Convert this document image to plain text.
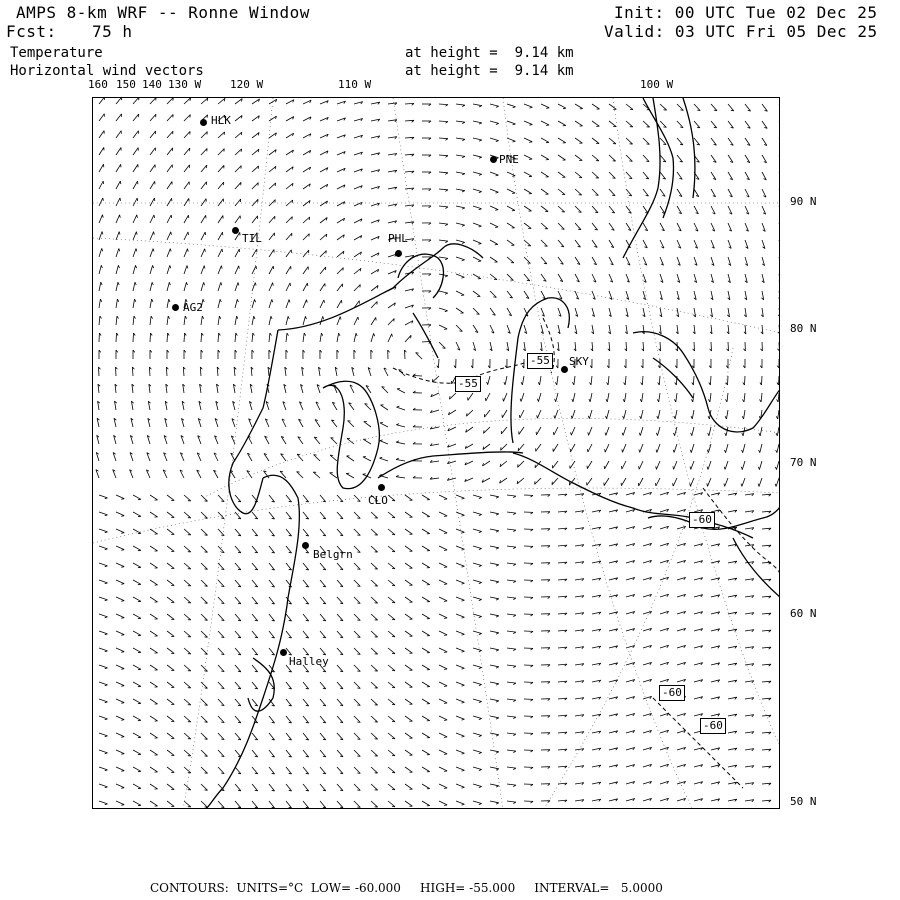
AMPS 8-km WRF -- Ronne Window
Fcst: 75 h
Init: 00 UTC Tue 02 Dec 25
Valid: 03 UTC Fri 05 Dec 25
Temperature
Horizontal wind vectors
at height =  9.14 km
at height =  9.14 km
160 150 140 130 W	120 W	110 W	100 W
90 N
80 N
70 N
60 N
50 N
HLK
PNE
TIL	PHL
AG2
SKY
CLO
Belgrn
Halley
-55
-55
-60
-60
-60
CONTOURS: UNITS=°C LOW= -60.000 HIGH= -55.000 INTERVAL=   5.0000
